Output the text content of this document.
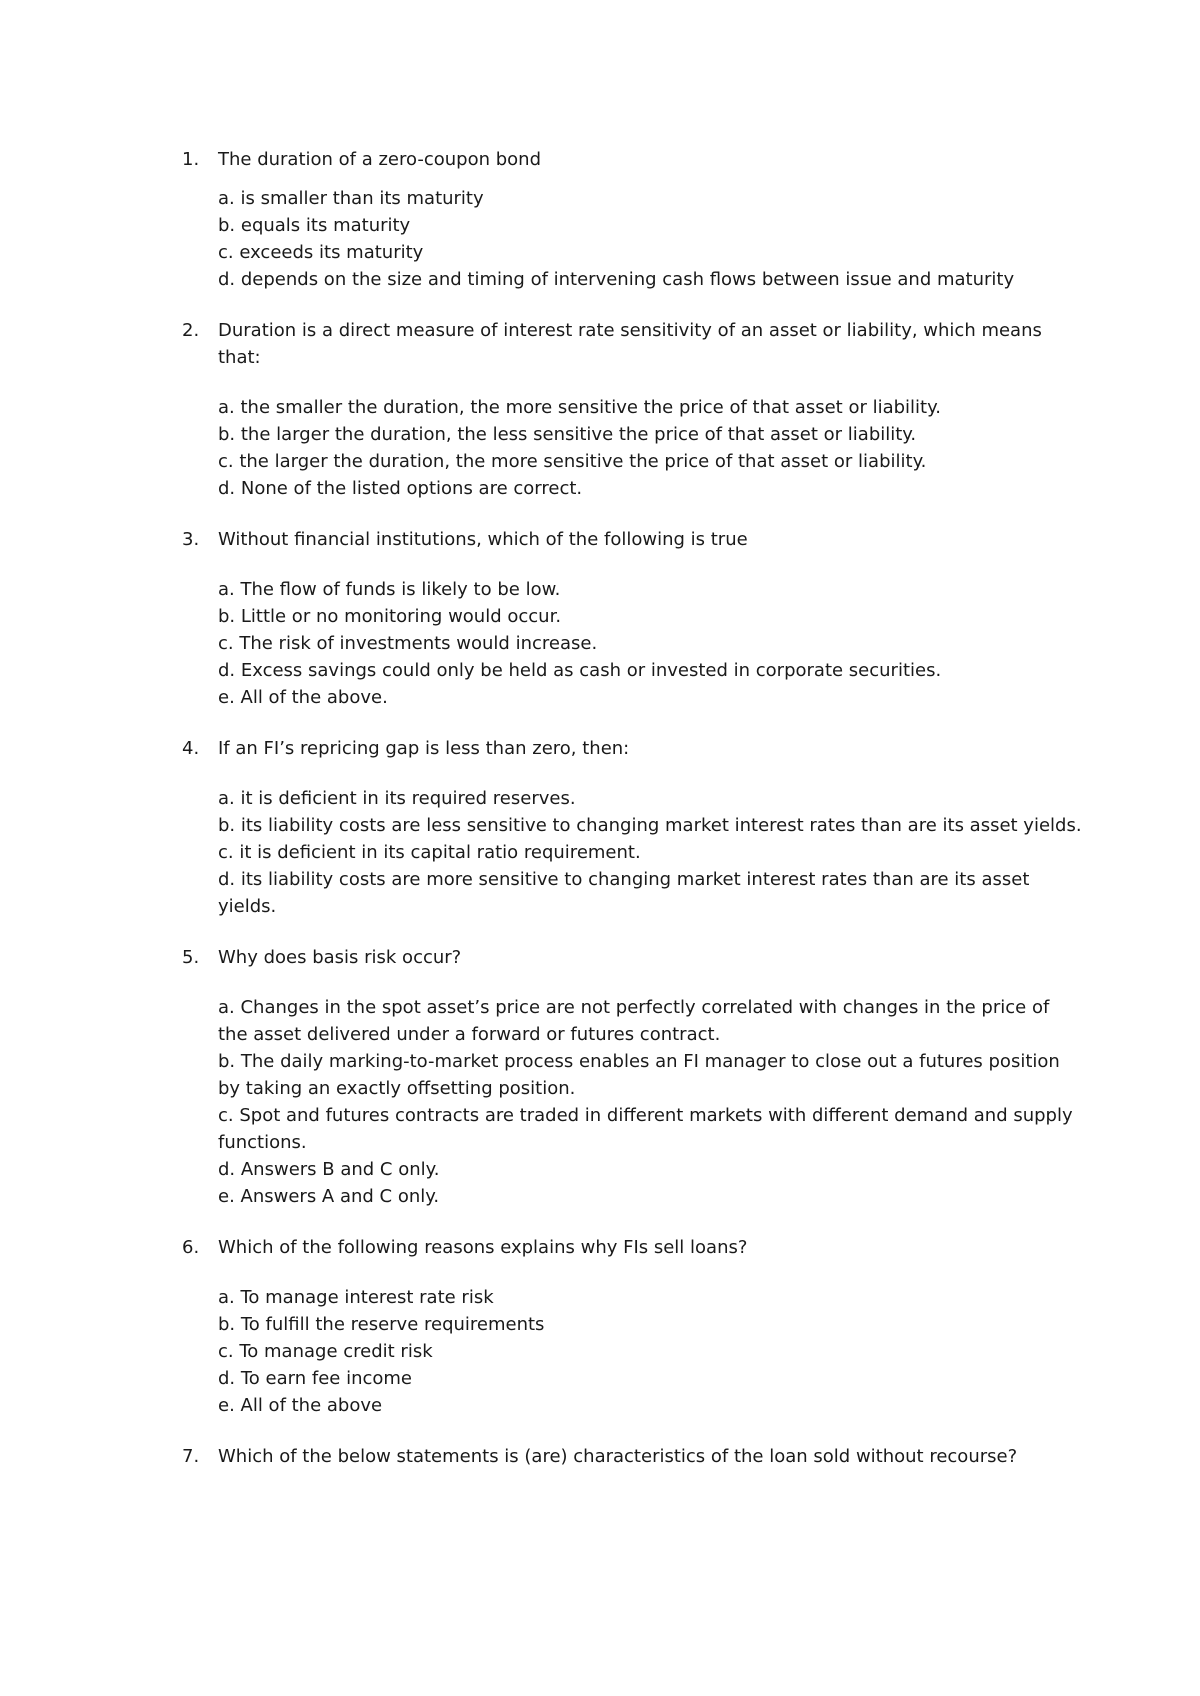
1.	The duration of a zero-coupon bond
a. is smaller than its maturity
b. equals its maturity
c. exceeds its maturity
d. depends on the size and timing of intervening cash flows between issue and maturity
2.	Duration is a direct measure of interest rate sensitivity of an asset or liability, which means that:
a. the smaller the duration, the more sensitive the price of that asset or liability.
b. the larger the duration, the less sensitive the price of that asset or liability.
c. the larger the duration, the more sensitive the price of that asset or liability.
d. None of the listed options are correct.
3.	Without financial institutions, which of the following is true
a. The flow of funds is likely to be low.
b. Little or no monitoring would occur.
c. The risk of investments would increase.
d. Excess savings could only be held as cash or invested in corporate securities.
e. All of the above.
4.	If an FI’s repricing gap is less than zero, then:
a. it is deficient in its required reserves.
b. its liability costs are less sensitive to changing market interest rates than are its asset yields.
c. it is deficient in its capital ratio requirement.
d. its liability costs are more sensitive to changing market interest rates than are its asset yields.
5.	Why does basis risk occur?
a. Changes in the spot asset’s price are not perfectly correlated with changes in the price of the asset delivered under a forward or futures contract.
b. The daily marking-to-market process enables an FI manager to close out a futures position by taking an exactly offsetting position.
c. Spot and futures contracts are traded in different markets with different demand and supply functions.
d. Answers B and C only.
e. Answers A and C only.
6.	Which of the following reasons explains why FIs sell loans?
a. To manage interest rate risk
b. To fulfill the reserve requirements
c. To manage credit risk
d. To earn fee income
e. All of the above
7.	Which of the below statements is (are) characteristics of the loan sold without recourse?
